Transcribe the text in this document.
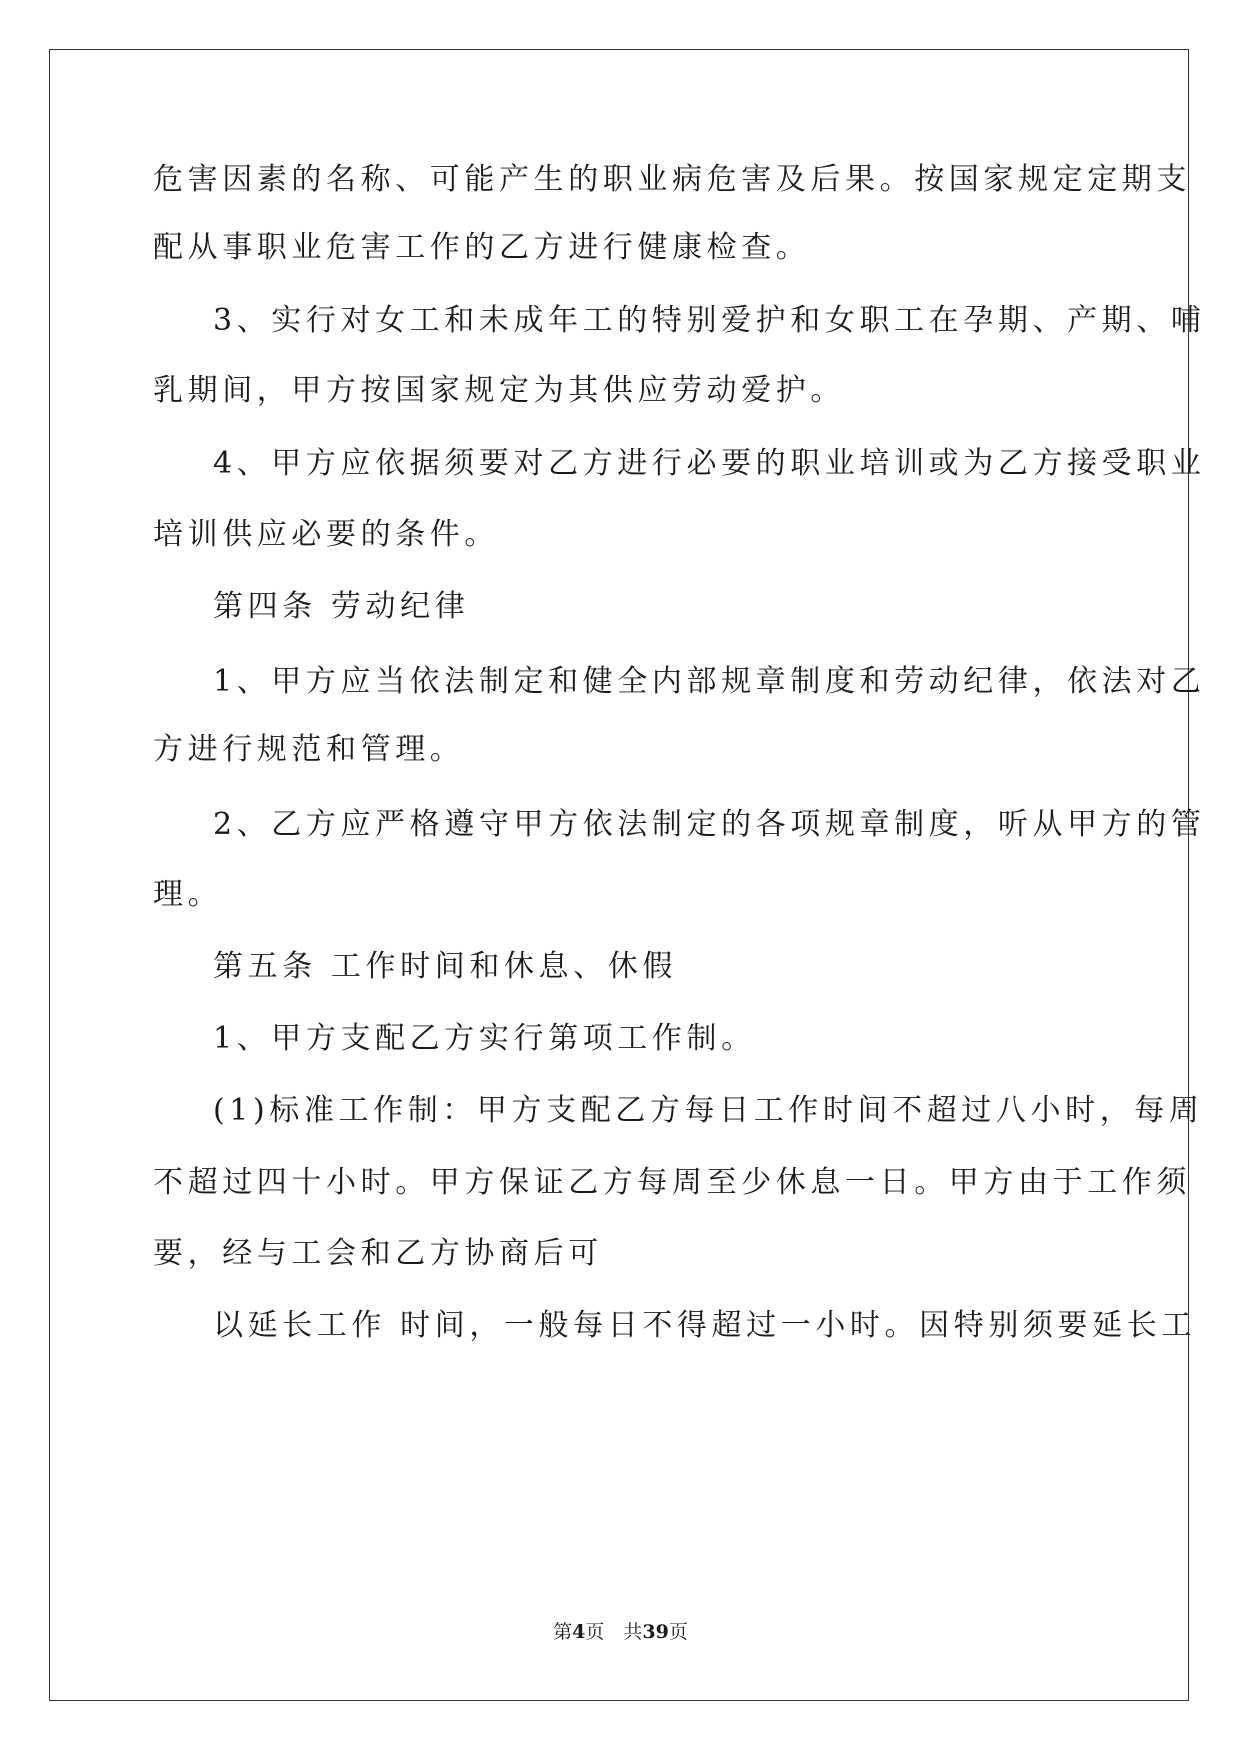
危害因素的名称、可能产生的职业病危害及后果。按国家规定定期支
配从事职业危害工作的乙方进行健康检查。
3、实行对女工和未成年工的特别爱护和女职工在孕期、产期、哺
乳期间，甲方按国家规定为其供应劳动爱护。
4、甲方应依据须要对乙方进行必要的职业培训或为乙方接受职业
培训供应必要的条件。
第四条 劳动纪律
1、甲方应当依法制定和健全内部规章制度和劳动纪律，依法对乙
方进行规范和管理。
2、乙方应严格遵守甲方依法制定的各项规章制度，听从甲方的管
理。
第五条 工作时间和休息、休假
1、甲方支配乙方实行第项工作制。
(1)标准工作制：甲方支配乙方每日工作时间不超过八小时，每周
不超过四十小时。甲方保证乙方每周至少休息一日。甲方由于工作须
要，经与工会和乙方协商后可
以延长工作 时间，一般每日不得超过一小时。因特别须要延长工
第4页　共39页
